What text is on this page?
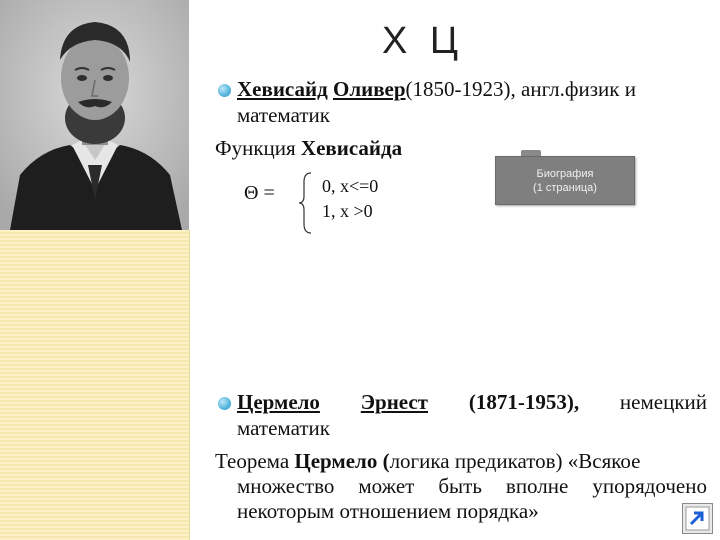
Х Ц
Хевисайд Оливер(1850-1923), англ.физик и
математик
Функция Хевисайда
Θ =	0, x<=0
1, x >0
Биография
(1 страница)
Цермело Эрнест (1871-1953), немецкий
математик
Теорема Цермело (логика предикатов) «Всякое
множество может быть вполне упорядочено
некоторым отношением порядка»
